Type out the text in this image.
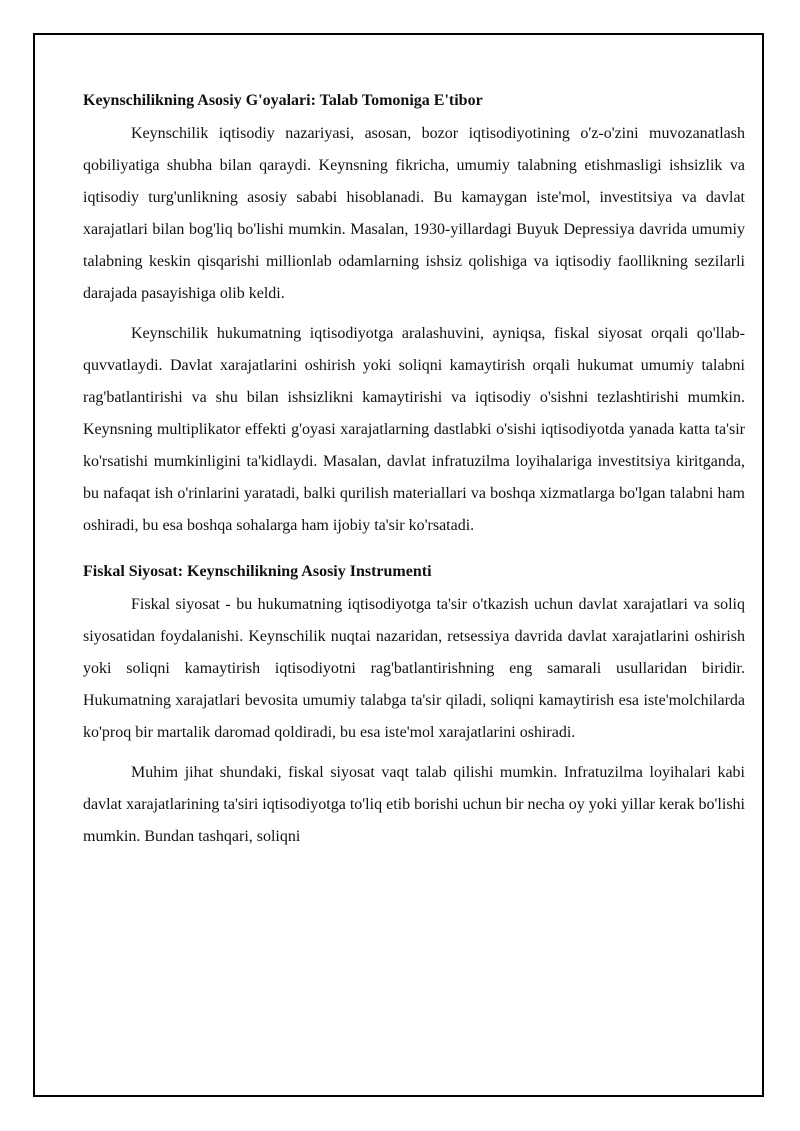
Keynschilikning Asosiy G'oyalari: Talab Tomoniga E'tibor

Keynschilik iqtisodiy nazariyasi, asosan, bozor iqtisodiyotining o'z-o'zini muvozanatlash qobiliyatiga shubha bilan qaraydi. Keynsning fikricha, umumiy talabning etishmasligi ishsizlik va iqtisodiy turg'unlikning asosiy sababi hisoblanadi. Bu kamaygan iste'mol, investitsiya va davlat xarajatlari bilan bog'liq bo'lishi mumkin. Masalan, 1930-yillardagi Buyuk Depressiya davrida umumiy talabning keskin qisqarishi millionlab odamlarning ishsiz qolishiga va iqtisodiy faollikning sezilarli darajada pasayishiga olib keldi.

Keynschilik hukumatning iqtisodiyotga aralashuvini, ayniqsa, fiskal siyosat orqali qo'llab-quvvatlaydi. Davlat xarajatlarini oshirish yoki soliqni kamaytirish orqali hukumat umumiy talabni rag'batlantirishi va shu bilan ishsizlikni kamaytirishi va iqtisodiy o'sishni tezlashtirishi mumkin. Keynsning multiplikator effekti g'oyasi xarajatlarning dastlabki o'sishi iqtisodiyotda yanada katta ta'sir ko'rsatishi mumkinligini ta'kidlaydi. Masalan, davlat infratuzilma loyihalariga investitsiya kiritganda, bu nafaqat ish o'rinlarini yaratadi, balki qurilish materiallari va boshqa xizmatlarga bo'lgan talabni ham oshiradi, bu esa boshqa sohalarga ham ijobiy ta'sir ko'rsatadi.

Fiskal Siyosat: Keynschilikning Asosiy Instrumenti

Fiskal siyosat - bu hukumatning iqtisodiyotga ta'sir o'tkazish uchun davlat xarajatlari va soliq siyosatidan foydalanishi. Keynschilik nuqtai nazaridan, retsessiya davrida davlat xarajatlarini oshirish yoki soliqni kamaytirish iqtisodiyotni rag'batlantirishning eng samarali usullaridan biridir. Hukumatning xarajatlari bevosita umumiy talabga ta'sir qiladi, soliqni kamaytirish esa iste'molchilarda ko'proq bir martalik daromad qoldiradi, bu esa iste'mol xarajatlarini oshiradi.

Muhim jihat shundaki, fiskal siyosat vaqt talab qilishi mumkin. Infratuzilma loyihalari kabi davlat xarajatlarining ta'siri iqtisodiyotga to'liq etib borishi uchun bir necha oy yoki yillar kerak bo'lishi mumkin. Bundan tashqari, soliqni
